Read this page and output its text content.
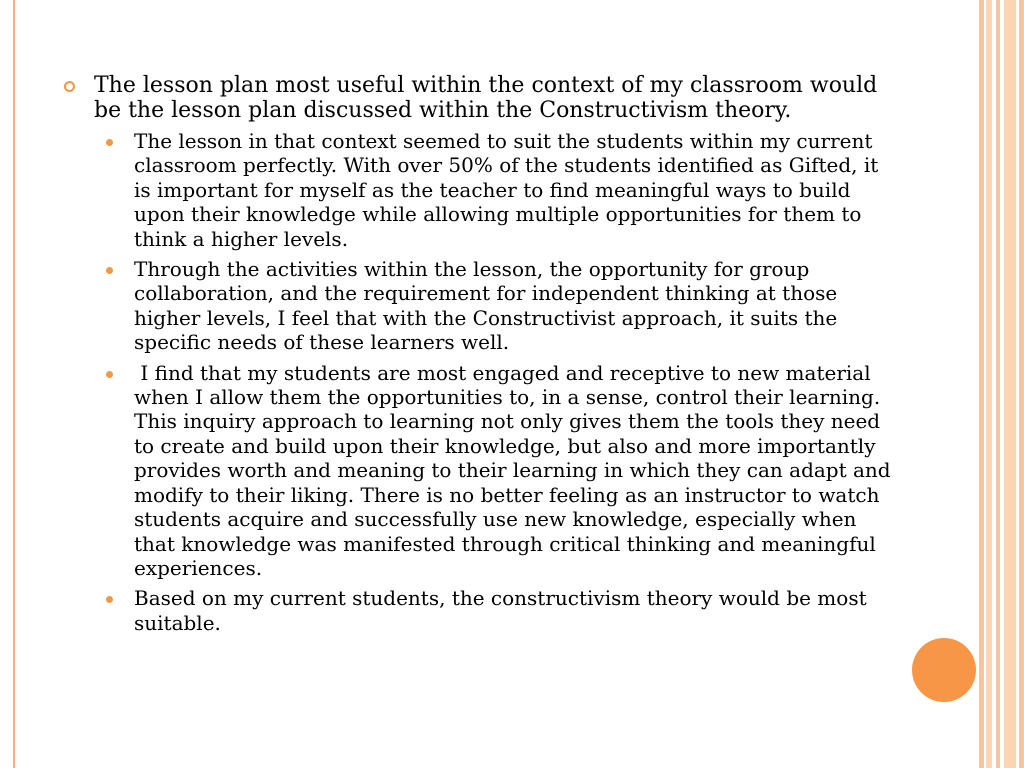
The lesson plan most useful within the context of my classroom would be the lesson plan discussed within the Constructivism theory.
The lesson in that context seemed to suit the students within my current classroom perfectly. With over 50% of the students identified as Gifted, it is important for myself as the teacher to find meaningful ways to build upon their knowledge while allowing multiple opportunities for them to think a higher levels.
Through the activities within the lesson, the opportunity for group collaboration, and the requirement for independent thinking at those higher levels, I feel that with the Constructivist approach, it suits the specific needs of these learners well.
I find that my students are most engaged and receptive to new material when I allow them the opportunities to, in a sense, control their learning. This inquiry approach to learning not only gives them the tools they need to create and build upon their knowledge, but also and more importantly provides worth and meaning to their learning in which they can adapt and modify to their liking. There is no better feeling as an instructor to watch students acquire and successfully use new knowledge, especially when that knowledge was manifested through critical thinking and meaningful experiences.
Based on my current students, the constructivism theory would be most suitable.
